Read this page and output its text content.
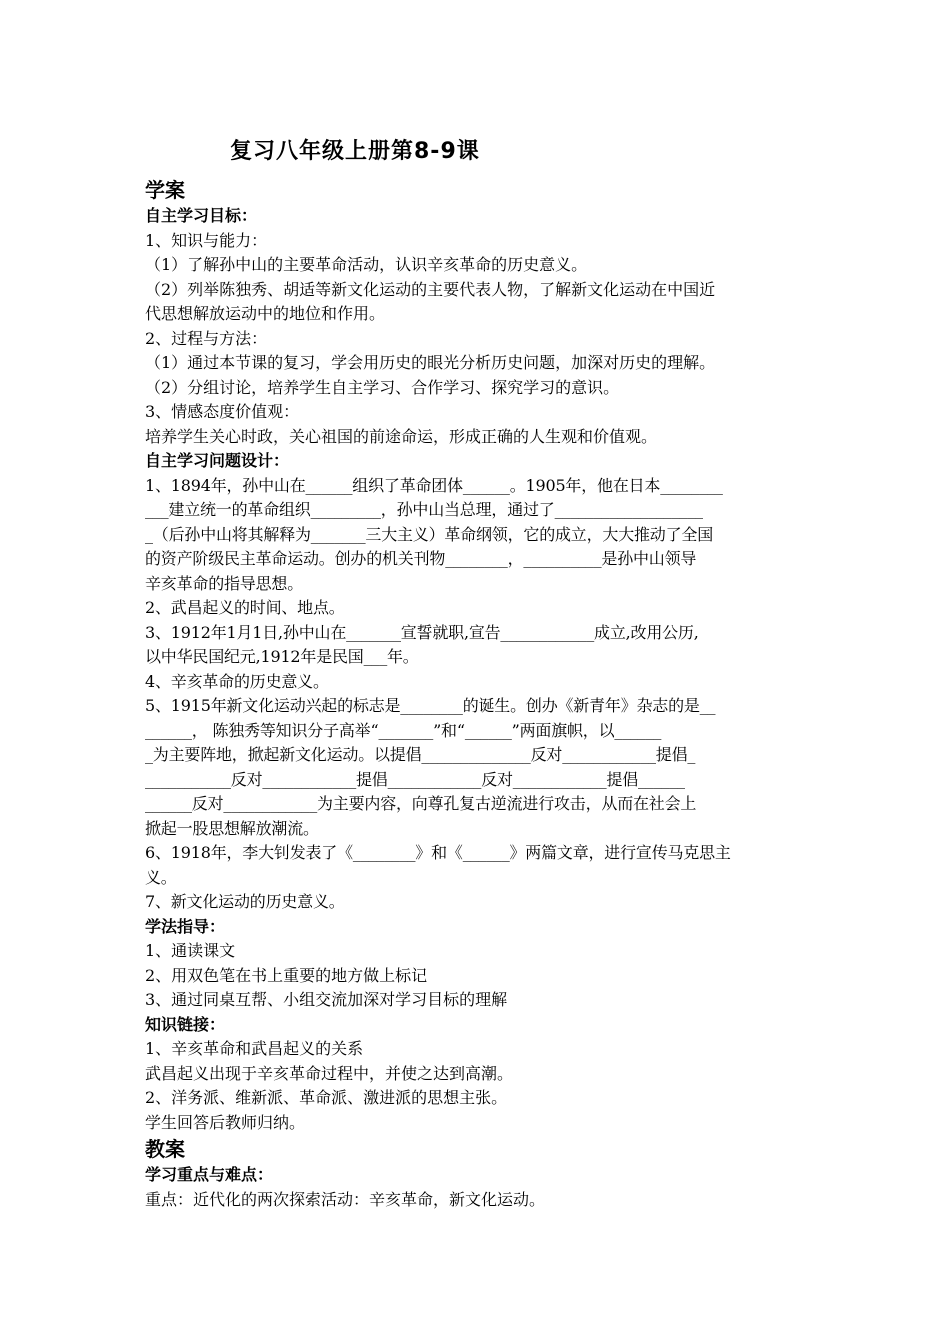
复习八年级上册第8-9课
学案
自主学习目标：
1、知识与能力：
（1）了解孙中山的主要革命活动，认识辛亥革命的历史意义。
（2）列举陈独秀、胡适等新文化运动的主要代表人物，了解新文化运动在中国近
代思想解放运动中的地位和作用。
2、过程与方法：
（1）通过本节课的复习，学会用历史的眼光分析历史问题，加深对历史的理解。
（2）分组讨论，培养学生自主学习、合作学习、探究学习的意识。
3、情感态度价值观：
培养学生关心时政，关心祖国的前途命运，形成正确的人生观和价值观。
自主学习问题设计：
1、1894年，孙中山在______组织了革命团体______。1905年，他在日本________
___建立统一的革命组织_________，孙中山当总理，通过了___________________
_（后孙中山将其解释为_______三大主义）革命纲领，它的成立，大大推动了全国
的资产阶级民主革命运动。创办的机关刊物________，__________是孙中山领导
辛亥革命的指导思想。
2、武昌起义的时间、地点。
3、1912年1月1日,孙中山在_______宣誓就职,宣告____________成立,改用公历,
以中华民国纪元,1912年是民国___年。
4、辛亥革命的历史意义。
5、1915年新文化运动兴起的标志是________的诞生。创办《新青年》杂志的是__
______， 陈独秀等知识分子高举“_______”和“______”两面旗帜，以______
_为主要阵地，掀起新文化运动。以提倡______________反对____________提倡_
___________反对____________提倡____________反对____________提倡______
______反对____________为主要内容，向尊孔复古逆流进行攻击，从而在社会上
掀起一股思想解放潮流。
6、1918年，李大钊发表了《________》和《______》两篇文章，进行宣传马克思主
义。
7、新文化运动的历史意义。
学法指导：
1、通读课文
2、用双色笔在书上重要的地方做上标记
3、通过同桌互帮、小组交流加深对学习目标的理解
知识链接：
1、辛亥革命和武昌起义的关系
武昌起义出现于辛亥革命过程中，并使之达到高潮。
2、洋务派、维新派、革命派、激进派的思想主张。
学生回答后教师归纳。
教案
学习重点与难点：
重点：近代化的两次探索活动：辛亥革命，新文化运动。
